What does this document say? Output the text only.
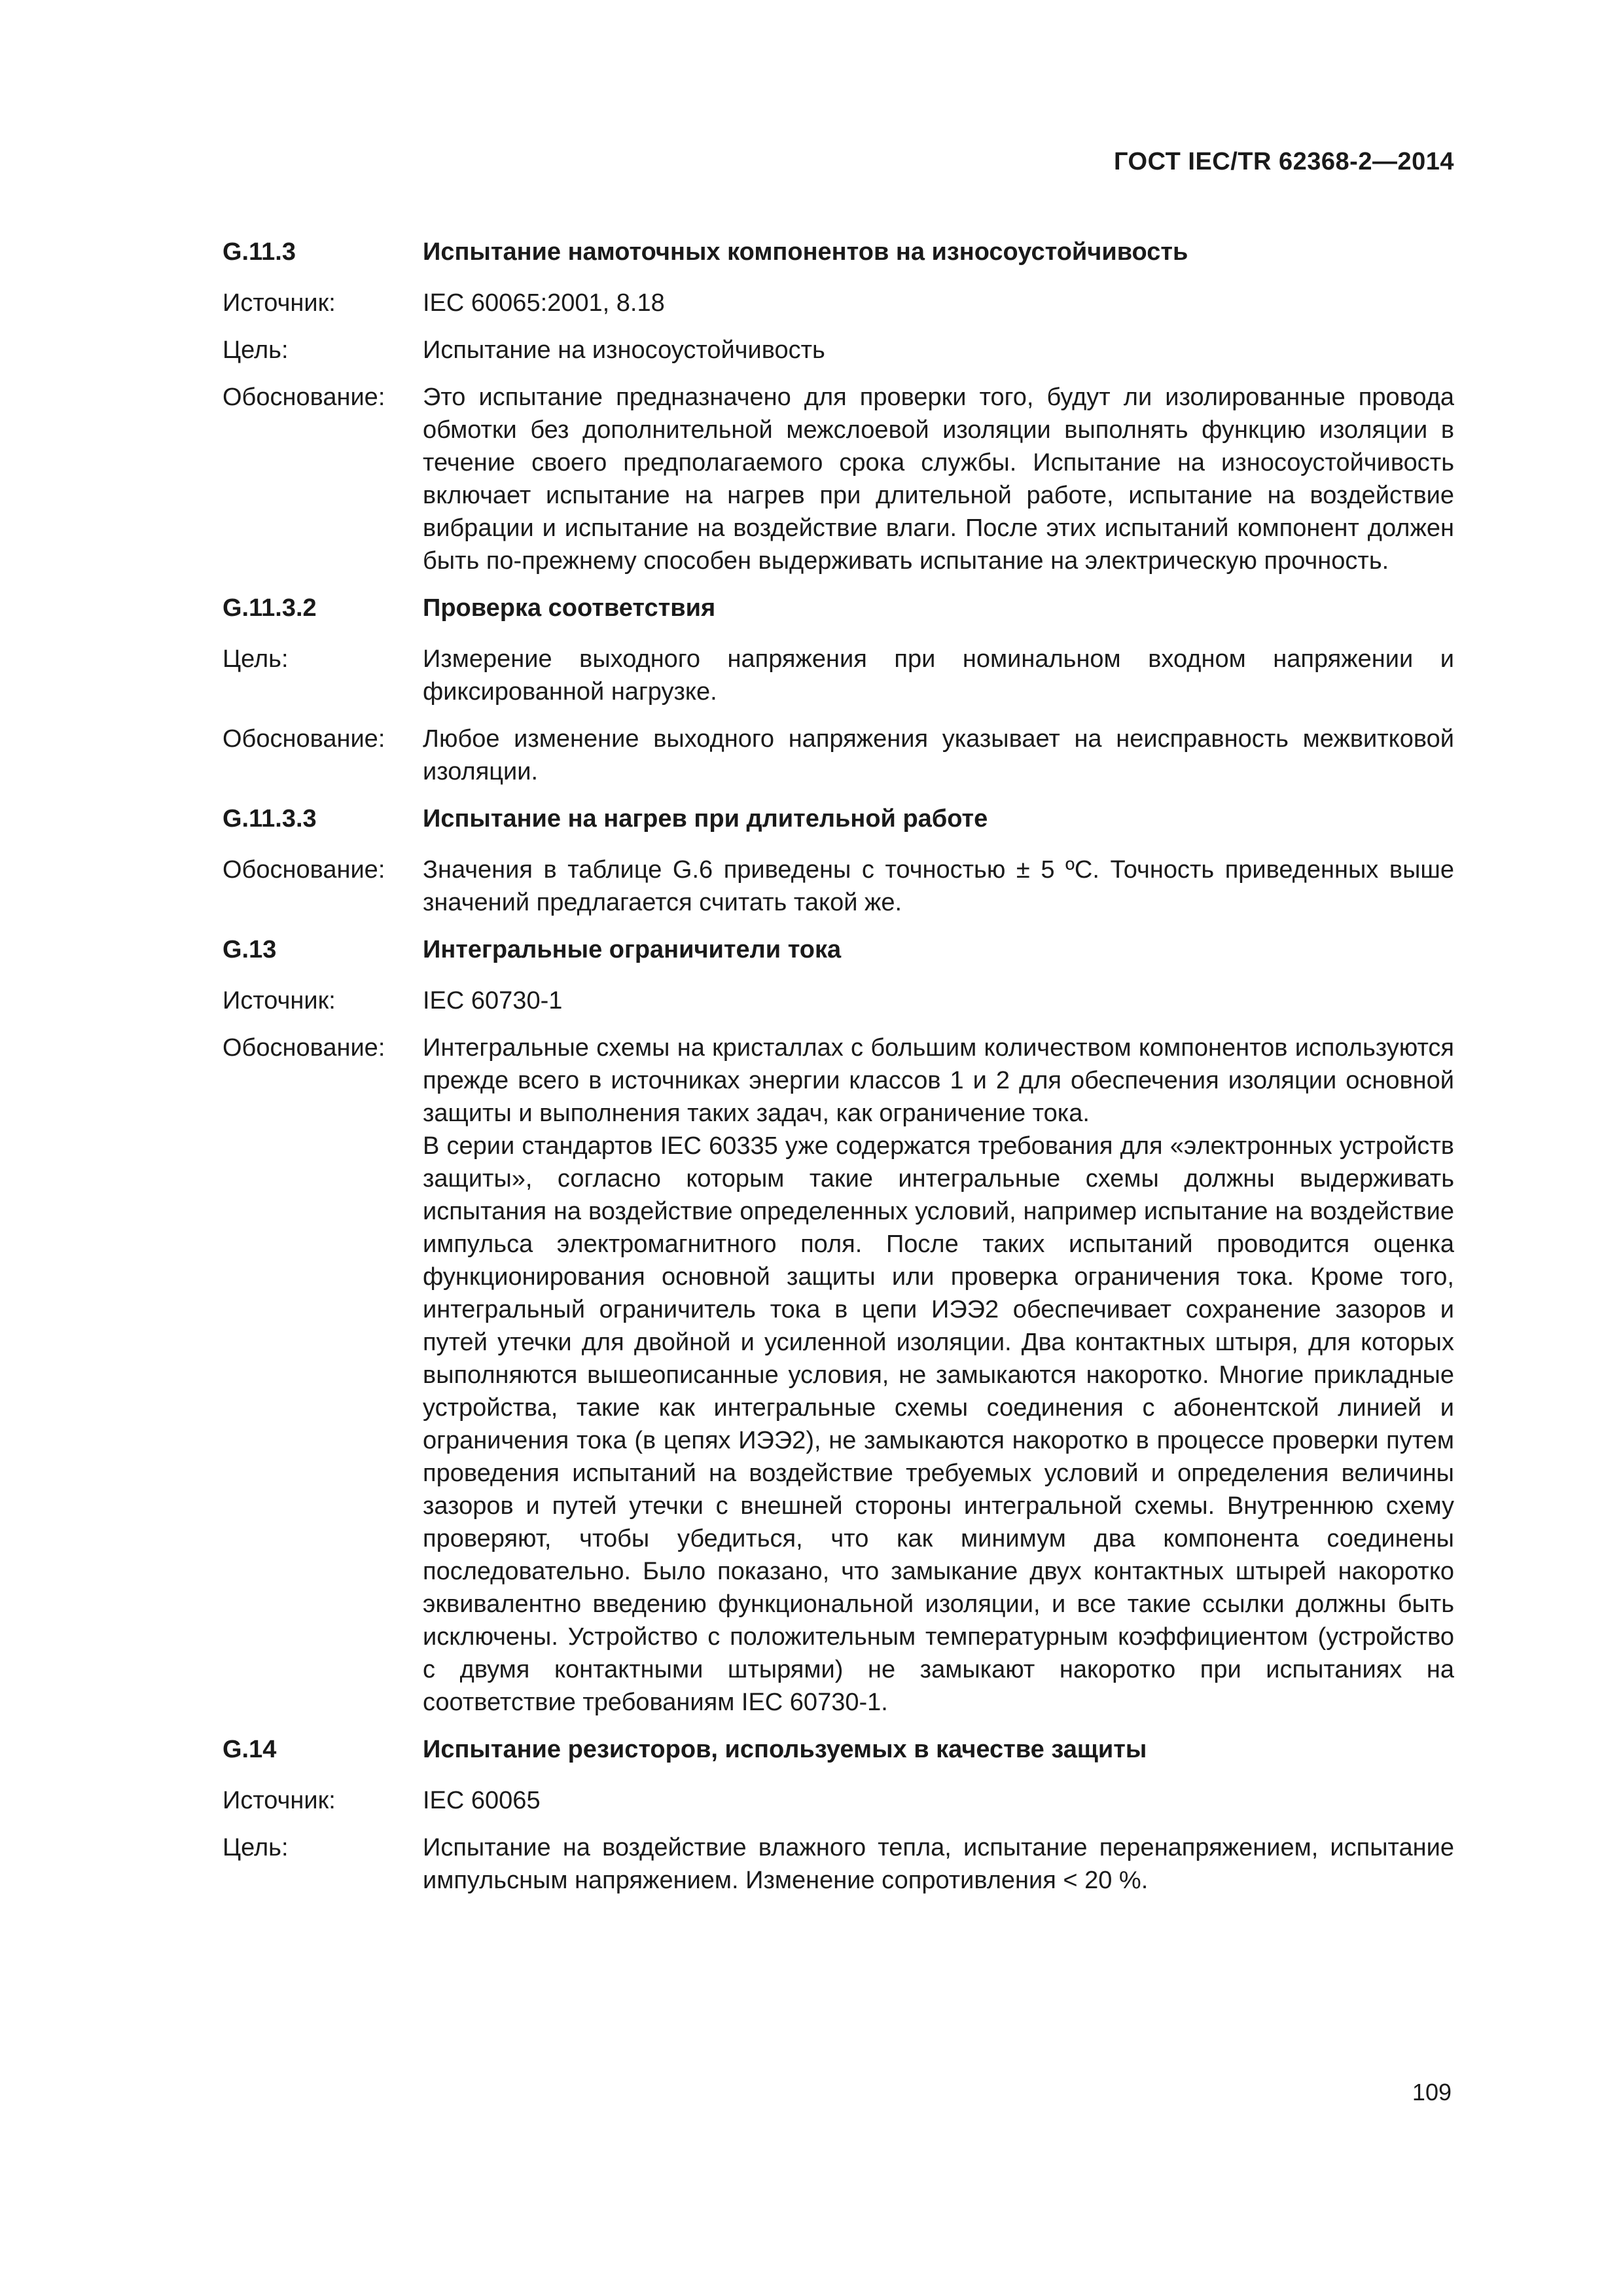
ГОСТ IEC/TR 62368-2—2014
G.11.3	Испытание намоточных компонентов на износоустойчивость
Источник:	IEC 60065:2001, 8.18
Цель:	Испытание на износоустойчивость
Обоснование:	Это испытание предназначено для проверки того, будут ли изолированные провода обмотки без дополнительной межслоевой изоляции выполнять функцию изоляции в течение своего предполагаемого срока службы. Испытание на износоустойчивость включает испытание на нагрев при длительной работе, испытание на воздействие вибрации и испытание на воздействие влаги. После этих испытаний компонент должен быть по-прежнему способен выдерживать испытание на электрическую прочность.
G.11.3.2	Проверка соответствия
Цель:	Измерение выходного напряжения при номинальном входном напряжении и фиксированной нагрузке.
Обоснование:	Любое изменение выходного напряжения указывает на неисправность межвитковой изоляции.
G.11.3.3	Испытание на нагрев при длительной работе
Обоснование:	Значения в таблице G.6 приведены с точностью ± 5 ºC. Точность приведенных выше значений предлагается считать такой же.
G.13	Интегральные ограничители тока
Источник:	IEC 60730-1
Обоснование:	Интегральные схемы на кристаллах с большим количеством компонентов используются прежде всего в источниках энергии классов 1 и 2 для обеспечения изоляции основной защиты и выполнения таких задач, как ограничение тока.
В серии стандартов IEC 60335 уже содержатся требования для «электронных устройств защиты», согласно которым такие интегральные схемы должны выдерживать испытания на воздействие определенных условий, например испытание на воздействие импульса электромагнитного поля. После таких испытаний проводится оценка функционирования основной защиты или проверка ограничения тока. Кроме того, интегральный ограничитель тока в цепи ИЭЭ2 обеспечивает сохранение зазоров и путей утечки для двойной и усиленной изоляции. Два контактных штыря, для которых выполняются вышеописанные условия, не замыкаются накоротко. Многие прикладные устройства, такие как интегральные схемы соединения с абонентской линией и ограничения тока (в цепях ИЭЭ2), не замыкаются накоротко в процессе проверки путем проведения испытаний на воздействие требуемых условий и определения величины зазоров и путей утечки с внешней стороны интегральной схемы. Внутреннюю схему проверяют, чтобы убедиться, что как минимум два компонента соединены последовательно. Было показано, что замыкание двух контактных штырей накоротко эквивалентно введению функциональной изоляции, и все такие ссылки должны быть исключены. Устройство с положительным температурным коэффициентом (устройство с двумя контактными штырями) не замыкают накоротко при испытаниях на соответствие требованиям IEC 60730-1.
G.14	Испытание резисторов, используемых в качестве защиты
Источник:	IEC 60065
Цель:	Испытание на воздействие влажного тепла, испытание перенапряжением, испытание импульсным напряжением. Изменение сопротивления < 20 %.
109
